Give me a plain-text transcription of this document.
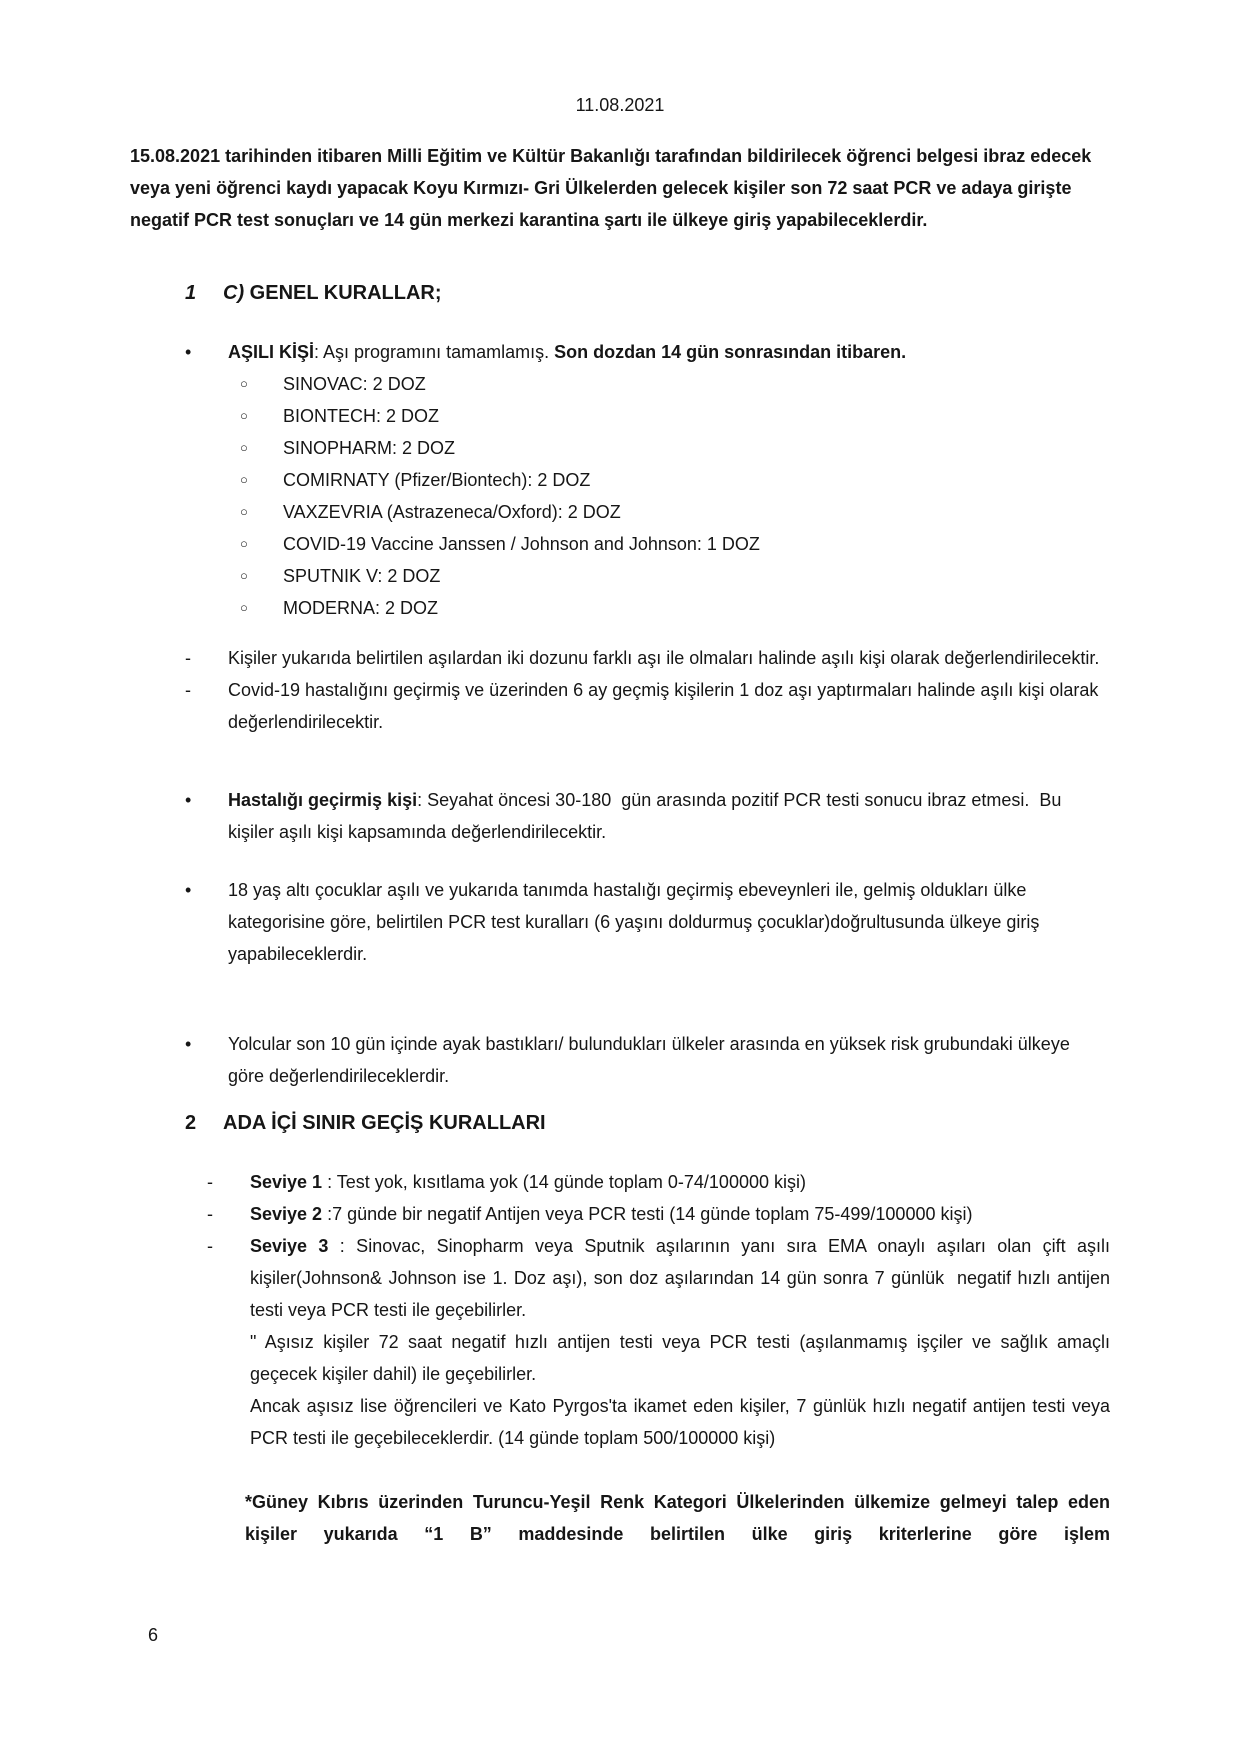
11.08.2021

15.08.2021 tarihinden itibaren Milli Eğitim ve Kültür Bakanlığı tarafından bildirilecek öğrenci belgesi ibraz edecek veya yeni öğrenci kaydı yapacak Koyu Kırmızı- Gri Ülkelerden gelecek kişiler son 72 saat PCR ve adaya girişte negatif PCR test sonuçları ve 14 gün merkezi karantina şartı ile ülkeye giriş yapabileceklerdir.

1	C) GENEL KURALLAR;
•	AŞILI KİŞİ: Aşı programını tamamlamış. Son dozdan 14 gün sonrasından itibaren.
○	SINOVAC: 2 DOZ
○	BIONTECH: 2 DOZ
○	SINOPHARM: 2 DOZ
○	COMIRNATY (Pfizer/Biontech): 2 DOZ
○	VAXZEVRIA (Astrazeneca/Oxford): 2 DOZ
○	COVID-19 Vaccine Janssen / Johnson and Johnson: 1 DOZ
○	SPUTNIK V: 2 DOZ
○	MODERNA: 2 DOZ
-	Kişiler yukarıda belirtilen aşılardan iki dozunu farklı aşı ile olmaları halinde aşılı kişi olarak değerlendirilecektir.
-	Covid-19 hastalığını geçirmiş ve üzerinden 6 ay geçmiş kişilerin 1 doz aşı yaptırmaları halinde aşılı kişi olarak değerlendirilecektir.
•	Hastalığı geçirmiş kişi: Seyahat öncesi 30-180  gün arasında pozitif PCR testi sonucu ibraz etmesi.  Bu kişiler aşılı kişi kapsamında değerlendirilecektir.
•	18 yaş altı çocuklar aşılı ve yukarıda tanımda hastalığı geçirmiş ebeveynleri ile, gelmiş oldukları ülke kategorisine göre, belirtilen PCR test kuralları (6 yaşını doldurmuş çocuklar)doğrultusunda ülkeye giriş yapabileceklerdir.
•	Yolcular son 10 gün içinde ayak bastıkları/ bulundukları ülkeler arasında en yüksek risk grubundaki ülkeye göre değerlendirileceklerdir.
2	ADA İÇİ SINIR GEÇİŞ KURALLARI
-	Seviye 1 : Test yok, kısıtlama yok (14 günde toplam 0-74/100000 kişi)
-	Seviye 2 :7 günde bir negatif Antijen veya PCR testi (14 günde toplam 75-499/100000 kişi)
-	Seviye 3 : Sinovac, Sinopharm veya Sputnik aşılarının yanı sıra EMA onaylı aşıları olan çift aşılı kişiler(Johnson& Johnson ise 1. Doz aşı), son doz aşılarından 14 gün sonra 7 günlük  negatif hızlı antijen testi veya PCR testi ile geçebilirler.

" Aşısız kişiler 72 saat negatif hızlı antijen testi veya PCR testi (aşılanmamış işçiler ve sağlık amaçlı geçecek kişiler dahil) ile geçebilirler.

Ancak aşısız lise öğrencileri ve Kato Pyrgos'ta ikamet eden kişiler, 7 günlük hızlı negatif antijen testi veya PCR testi ile geçebileceklerdir. (14 günde toplam 500/100000 kişi)

*Güney Kıbrıs üzerinden Turuncu-Yeşil Renk Kategori Ülkelerinden ülkemize gelmeyi talep eden kişiler yukarıda “1 B” maddesinde belirtilen ülke giriş kriterlerine göre işlem

6
